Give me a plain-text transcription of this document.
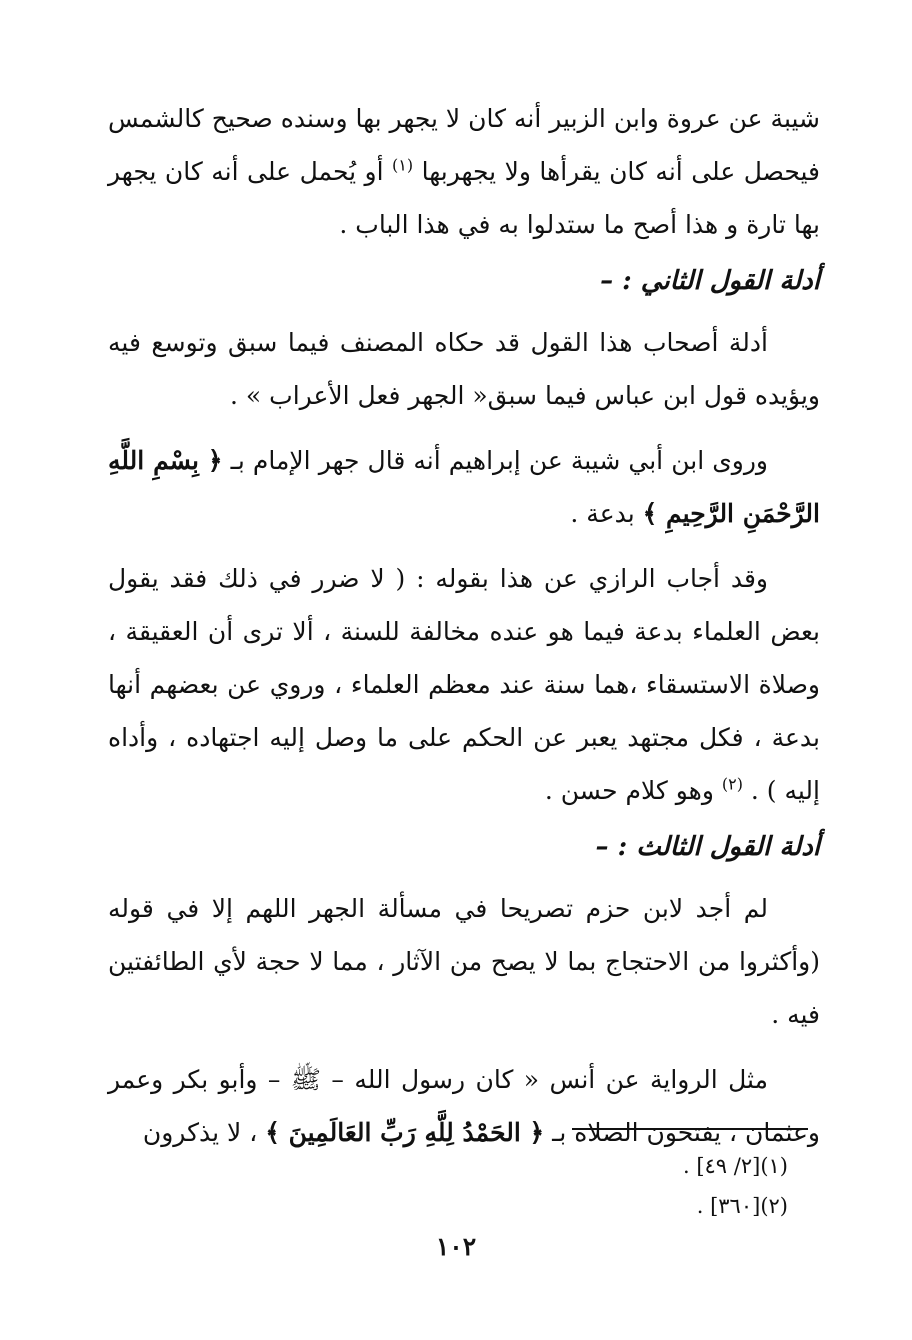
شيبة عن عروة وابن الزبير أنه كان لا يجهر بها وسنده صحيح كالشمس فيحصل على أنه كان يقرأها ولا يجهربها $^{(١)}$ أو يُحمل على أنه كان يجهر بها تارة و هذا أصح ما ستدلوا به في هذا الباب .

أدلة القول الثاني : –

أدلة أصحاب هذا القول قد حكاه المصنف فيما سبق وتوسع فيه ويؤيده قول ابن عباس فيما سبق« الجهر فعل الأعراب » .

وروى ابن أبي شيبة عن إبراهيم أنه قال جهر الإمام بـ ﴿ بِسْمِ اللَّهِ الرَّحْمَنِ الرَّحِيمِ ﴾ بدعة .

وقد أجاب الرازي عن هذا بقوله : ( لا ضرر في ذلك فقد يقول بعض العلماء بدعة فيما هو عنده مخالفة للسنة ، ألا ترى أن العقيقة ، وصلاة الاستسقاء ،هما سنة عند معظم العلماء ، وروي عن بعضهم أنها بدعة ، فكل مجتهد يعبر عن الحكم على ما وصل إليه اجتهاده ، وأداه إليه ) . $^{(٢)}$ وهو كلام حسن .

أدلة القول الثالث : –

لم أجد لابن حزم تصريحا في مسألة الجهر اللهم إلا في قوله (وأكثروا من الاحتجاج بما لا يصح من الآثار ، مما لا حجة لأي الطائفتين فيه .

مثل الرواية عن أنس « كان رسول الله – ﷺ – وأبو بكر وعمر وعثمان ، يفتحون الصلاة بـ ﴿ الحَمْدُ لِلَّهِ رَبِّ العَالَمِينَ ﴾ ، لا يذكرون

(١)[٢/ ٤٩] .
(٢)[٣٦٠] .
١٠٢
